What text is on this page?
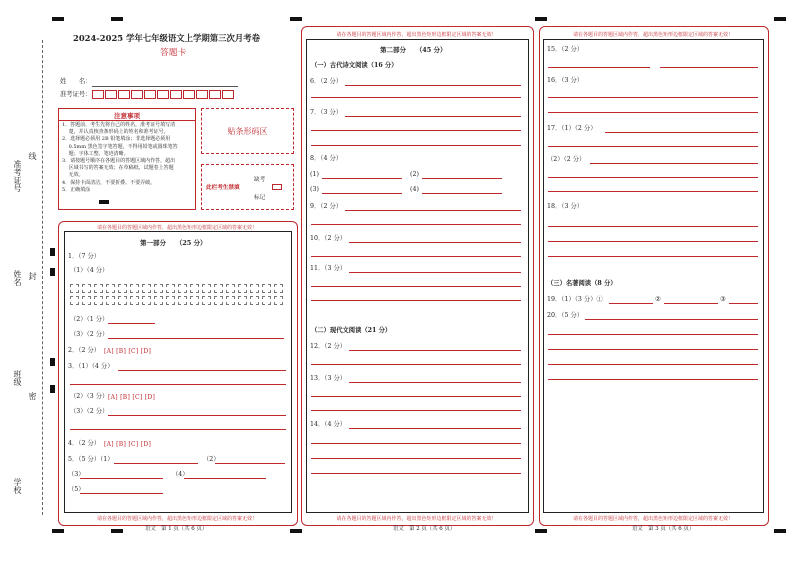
准考证号
线
姓名 封
班级
密
学校
2024-2025 学年七年级语文上学期第三次月考卷
答题卡
姓　　名：
准考证号：
注意事项
1．答题前，考生先将自己的姓名，准考证号填写清
　 楚，并认真核查条形码上的姓名和准考证号。
2．选择题必须用 2B 铅笔填涂；非选择题必须用
　 0.5mm 黑色签字笔答题，不得用铅笔或圆珠笔答
　 题；字体工整、笔迹清晰。
3．请按题号顺序在各题目的答题区域内作答，超出
　 区域书写的答案无效；在草稿纸、试题卷上答题
　 无效。
4．保持卡面清洁，不要折叠、不要弄破。
5．正确填涂
贴条形码区
此栏考生禁填
缺考
标记
请在各题目的答题区域内作答，超出黑色矩形边框限定区域的答案无效！
请在各题目的答题区域内作答，超出黑色矩形边框限定区域的答案无效！
第一部分　　（25 分）
1．（7 分）
（1）（4 分）
（2）（1 分）
（3）（2 分）
2．（2 分） [A] [B] [C] [D]
3．（1）（4 分）
（2）（3 分） [A] [B] [C] [D]
（3）（2 分）
4．（2 分） [A] [B] [C] [D]
5．（5 分）（1）	（2）
（3）	（4）
（5）
语文　第 1 页（共 6 页）
请在各题目的答题区域内作答，超出黑色矩形边框限定区域的答案无效！
请在各题目的答题区域内作答，超出黑色矩形边框限定区域的答案无效！
第二部分　　（45 分）
（一）古代诗文阅读（16 分）
6．（2 分）
7．（3 分）
8．（4 分）
(1)	(2)
(3)	(4)
9．（2 分）
10．（2 分）
11．（3 分）
（二）现代文阅读（21 分）
12．（2 分）
13．（3 分）
14．（4 分）
语文　第 2 页（共 6 页）
请在各题目的答题区域内作答，超出黑色矩形边框限定区域的答案无效！
请在各题目的答题区域内作答，超出黑色矩形边框限定区域的答案无效！
15．（2 分）
16．（3 分）
17．（1）（2 分）
（2）（2 分）
18．（3 分）
（三）名著阅读（8 分）
19．（1）（3 分）①	②	③
20．（5 分）
语文　第 3 页（共 6 页）
